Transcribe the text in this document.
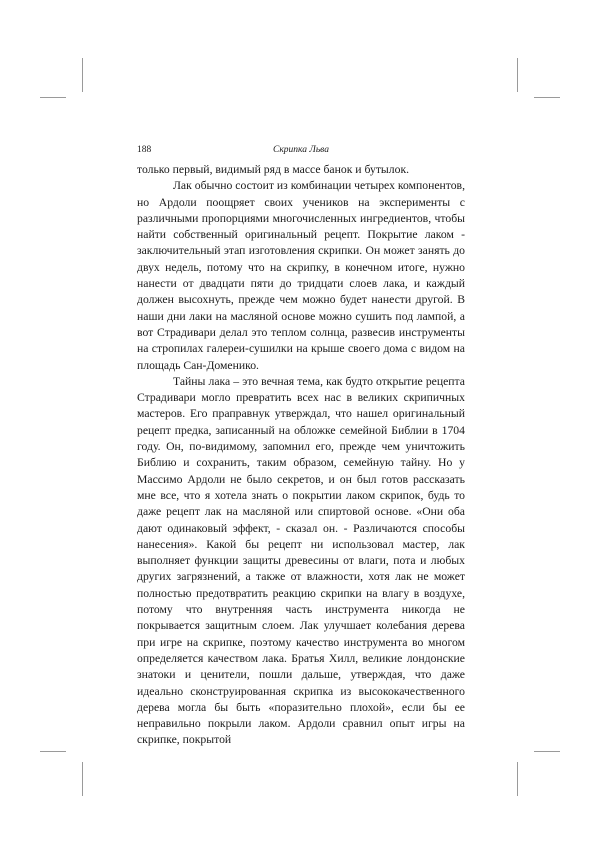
188	Скрипка Льва

только первый, видимый ряд в массе банок и бутылок.

Лак обычно состоит из комбинации четырех компонентов, но Ардоли поощряет своих учеников на эксперименты с различными пропорциями многочисленных ингредиентов, чтобы найти собственный оригинальный рецепт. Покрытие лаком - заключительный этап изготовления скрипки. Он может занять до двух недель, потому что на скрипку, в конечном итоге, нужно нанести от двадцати пяти до тридцати слоев лака, и каждый должен высохнуть, прежде чем можно будет нанести другой. В наши дни лаки на масляной основе можно сушить под лампой, а вот Страдивари делал это теплом солнца, развесив инструменты на стропилах галереи-сушилки на крыше своего дома с видом на площадь Сан-Доменико.

Тайны лака – это вечная тема, как будто открытие рецепта Страдивари могло превратить всех нас в великих скрипичных мастеров. Его праправнук утверждал, что нашел оригинальный рецепт предка, записанный на обложке семейной Библии в 1704 году. Он, по-видимому, запомнил его, прежде чем уничтожить Библию и сохранить, таким образом, семейную тайну. Но у Массимо Ардоли не было секретов, и он был готов рассказать мне все, что я хотела знать о покрытии лаком скрипок, будь то даже рецепт лак на масляной или спиртовой основе. «Они оба дают одинаковый эффект, - сказал он. - Различаются способы нанесения». Какой бы рецепт ни использовал мастер, лак выполняет функции защиты древесины от влаги, пота и любых других загрязнений, а также от влажности, хотя лак не может полностью предотвратить реакцию скрипки на влагу в воздухе, потому что внутренняя часть инструмента никогда не покрывается защитным слоем. Лак улучшает колебания дерева при игре на скрипке, поэтому качество инструмента во многом определяется качеством лака. Братья Хилл, великие лондонские знатоки и ценители, пошли дальше, утверждая, что даже идеально сконструированная скрипка из высококачественного дерева могла бы быть «поразительно плохой», если бы ее неправильно покрыли лаком. Ардоли сравнил опыт игры на скрипке, покрытой
